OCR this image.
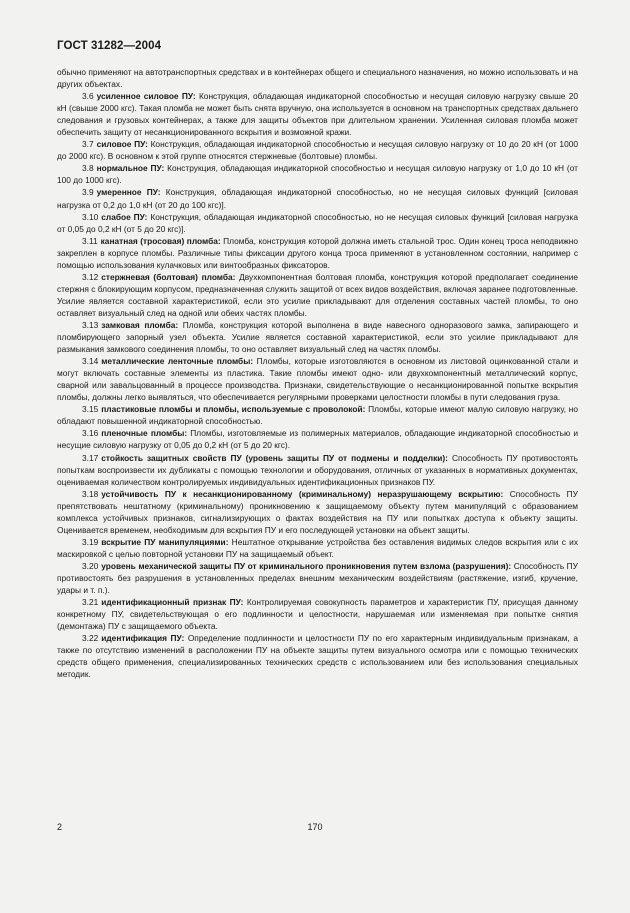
ГОСТ 31282—2004

обычно применяют на автотранспортных средствах и в контейнерах общего и специального назначения, но можно использовать и на других объектах.

3.6 усиленное силовое ПУ: Конструкция, обладающая индикаторной способностью и несущая силовую нагрузку свыше 20 кН (свыше 2000 кгс). Такая пломба не может быть снята вручную, она используется в основном на транспортных средствах дальнего следования и грузовых контейнерах, а также для защиты объектов при длительном хранении. Усиленная силовая пломба может обеспечить защиту от несанкционированного вскрытия и возможной кражи.

3.7 силовое ПУ: Конструкция, обладающая индикаторной способностью и несущая силовую нагрузку от 10 до 20 кН (от 1000 до 2000 кгс). В основном к этой группе относятся стержневые (болтовые) пломбы.

3.8 нормальное ПУ: Конструкция, обладающая индикаторной способностью и несущая силовую нагрузку от 1,0 до 10 кН (от 100 до 1000 кгс).

3.9 умеренное ПУ: Конструкция, обладающая индикаторной способностью, но не несущая силовых функций [силовая нагрузка от 0,2 до 1,0 кН (от 20 до 100 кгс)].

3.10 слабое ПУ: Конструкция, обладающая индикаторной способностью, но не несущая силовых функций [силовая нагрузка от 0,05 до 0,2 кН (от 5 до 20 кгс)].

3.11 канатная (тросовая) пломба: Пломба, конструкция которой должна иметь стальной трос. Один конец троса неподвижно закреплен в корпусе пломбы. Различные типы фиксации другого конца троса применяют в установленном состоянии, например с помощью использования кулачковых или винтообразных фиксаторов.

3.12 стержневая (болтовая) пломба: Двухкомпонентная болтовая пломба, конструкция которой предполагает соединение стержня с блокирующим корпусом, предназначенная служить защитой от всех видов воздействия, включая заранее подготовленные. Усилие является составной характеристикой, если это усилие прикладывают для отделения составных частей пломбы, то оно оставляет визуальный след на одной или обеих частях пломбы.

3.13 замковая пломба: Пломба, конструкция которой выполнена в виде навесного одноразового замка, запирающего и пломбирующего запорный узел объекта. Усилие является составной характеристикой, если это усилие прикладывают для размыкания замкового соединения пломбы, то оно оставляет визуальный след на частях пломбы.

3.14 металлические ленточные пломбы: Пломбы, которые изготовляются в основном из листовой оцинкованной стали и могут включать составные элементы из пластика. Такие пломбы имеют одно- или двухкомпонентный металлический корпус, сварной или завальцованный в процессе производства. Признаки, свидетельствующие о несанкционированной попытке вскрытия пломбы, должны легко выявляться, что обеспечивается регулярными проверками целостности пломбы в пути следования груза.

3.15 пластиковые пломбы и пломбы, используемые с проволокой: Пломбы, которые имеют малую силовую нагрузку, но обладают повышенной индикаторной способностью.

3.16 пленочные пломбы: Пломбы, изготовляемые из полимерных материалов, обладающие индикаторной способностью и несущие силовую нагрузку от 0,05 до 0,2 кН (от 5 до 20 кгс).

3.17 стойкость защитных свойств ПУ (уровень защиты ПУ от подмены и подделки): Способность ПУ противостоять попыткам воспроизвести их дубликаты с помощью технологии и оборудования, отличных от указанных в нормативных документах, оцениваемая количеством контролируемых индивидуальных идентификационных признаков ПУ.

3.18 устойчивость ПУ к несанкционированному (криминальному) неразрушающему вскрытию: Способность ПУ препятствовать нештатному (криминальному) проникновению к защищаемому объекту путем манипуляций с образованием комплекса устойчивых признаков, сигнализирующих о фактах воздействия на ПУ или попытках доступа к объекту защиты. Оценивается временем, необходимым для вскрытия ПУ и его последующей установки на объект защиты.

3.19 вскрытие ПУ манипуляциями: Нештатное открывание устройства без оставления видимых следов вскрытия или с их маскировкой с целью повторной установки ПУ на защищаемый объект.

3.20 уровень механической защиты ПУ от криминального проникновения путем взлома (разрушения): Способность ПУ противостоять без разрушения в установленных пределах внешним механическим воздействиям (растяжение, изгиб, кручение, удары и т. п.).

3.21 идентификационный признак ПУ: Контролируемая совокупность параметров и характеристик ПУ, присущая данному конкретному ПУ, свидетельствующая о его подлинности и целостности, нарушаемая или изменяемая при попытке снятия (демонтажа) ПУ с защищаемого объекта.

3.22 идентификация ПУ: Определение подлинности и целостности ПУ по его характерным индивидуальным признакам, а также по отсутствию изменений в расположении ПУ на объекте защиты путем визуального осмотра или с помощью технических средств общего применения, специализированных технических средств с использованием или без использования специальных методик.

2	170
